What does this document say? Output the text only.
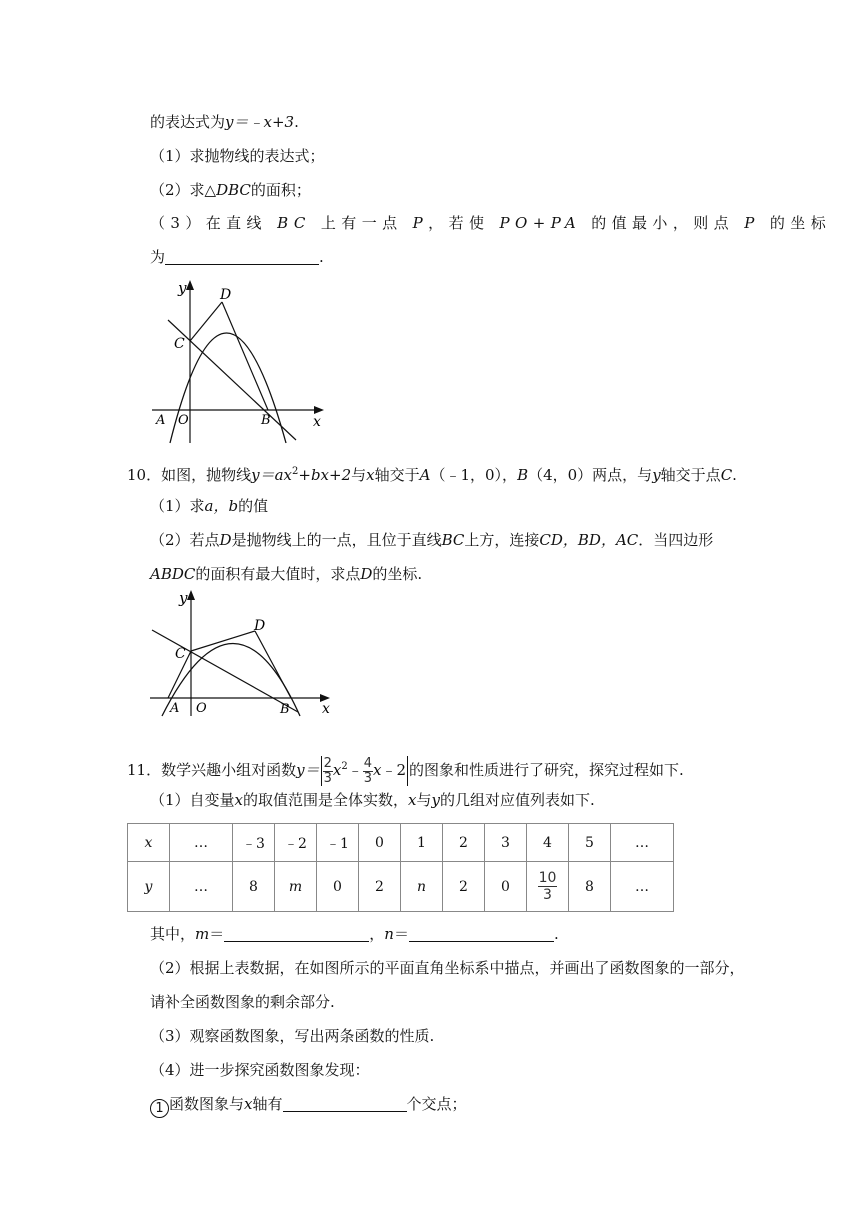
的表达式为y＝﹣x+3.
（1）求抛物线的表达式；
（2）求△DBC的面积；
（3）在直线 BC 上有一点 P，若使 PO+PA 的值最小，则点 P 的坐标
为	.
y D
C
A O	B	x
10．如图，抛物线$y=ax^2+bx+2$与x轴交于A（﹣1，0），B（4，0）两点，与y轴交于点C.
（1）求a，b的值
（2）若点D是抛物线上的一点，且位于直线BC上方，连接CD，BD，AC．当四边形
ABDC的面积有最大值时，求点D的坐标.
y
D
C
A O	B x
11．数学兴趣小组对函数$y= \frac{2}{3}$ $x^2﹣ \frac{4}{3}$ x﹣2 的图象和性质进行了研究，探究过程如下.
（1）自变量x的取值范围是全体实数，x与y的几组对应值列表如下.
x	…	﹣3	﹣2	﹣1	0	1	2	3	4	5	…
y	…	8	m	0	2	n	2	0	$\frac{10}{3}$	8	…
其中，m＝	，n＝	.
（2）根据上表数据，在如图所示的平面直角坐标系中描点，并画出了函数图象的一部分，
请补全函数图象的剩余部分.
（3）观察函数图象，写出两条函数的性质.
（4）进一步探究函数图象发现：
1 函数图象与x轴有	个交点；
